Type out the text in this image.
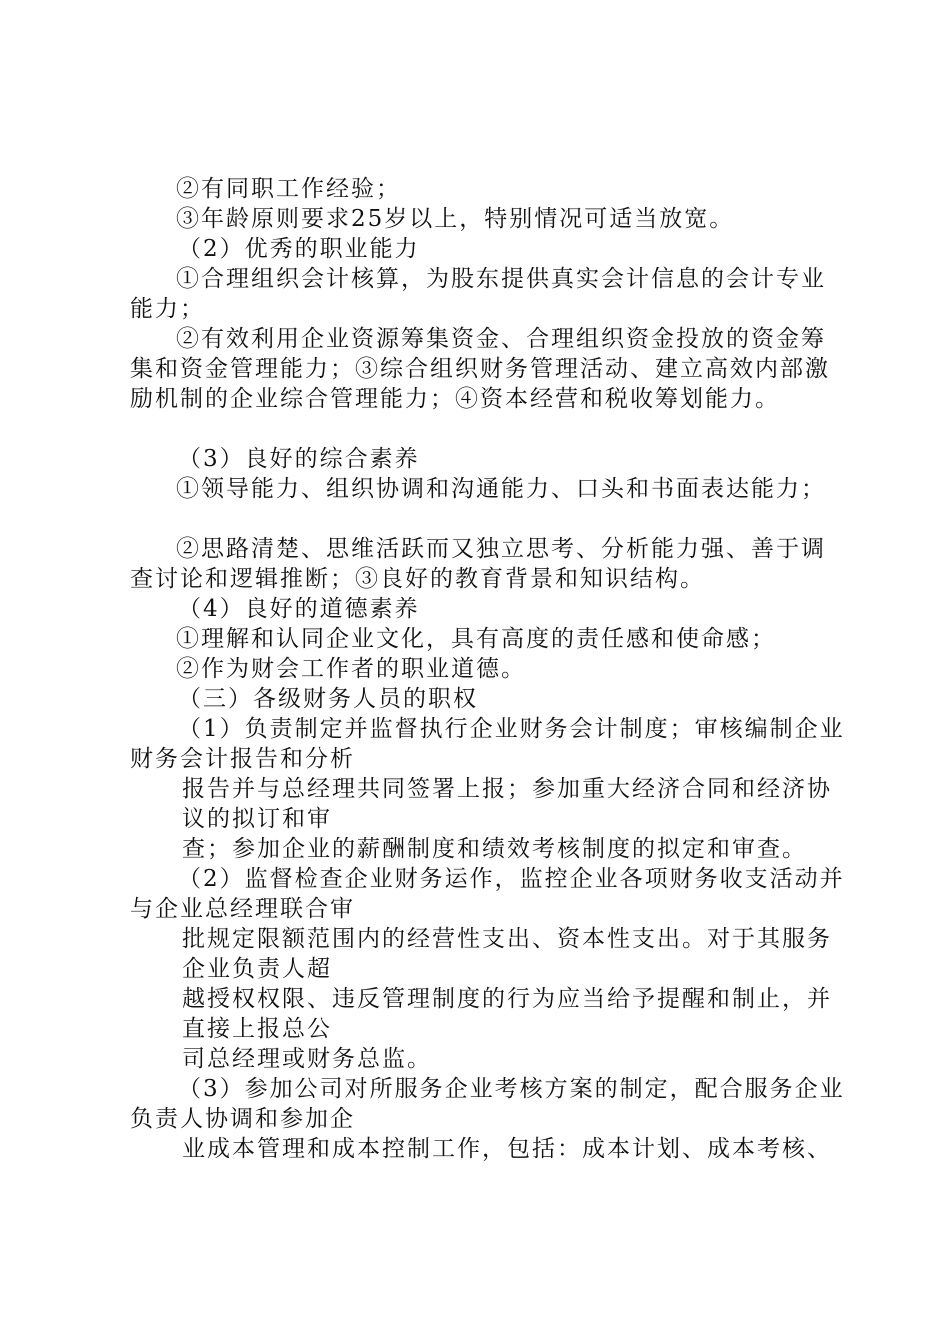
②有同职工作经验；

③年龄原则要求25岁以上，特别情况可适当放宽。

（2）优秀的职业能力

①合理组织会计核算，为股东提供真实会计信息的会计专业能力；

②有效利用企业资源筹集资金、合理组织资金投放的资金筹集和资金管理能力；③综合组织财务管理活动、建立高效内部激励机制的企业综合管理能力；④资本经营和税收筹划能力。

（3）良好的综合素养

①领导能力、组织协调和沟通能力、口头和书面表达能力；

②思路清楚、思维活跃而又独立思考、分析能力强、善于调查讨论和逻辑推断；③良好的教育背景和知识结构。

（4）良好的道德素养

①理解和认同企业文化，具有高度的责任感和使命感；

②作为财会工作者的职业道德。

（三）各级财务人员的职权

（1）负责制定并监督执行企业财务会计制度；审核编制企业财务会计报告和分析

报告并与总经理共同签署上报；参加重大经济合同和经济协议的拟订和审

查；参加企业的薪酬制度和绩效考核制度的拟定和审查。

（2）监督检查企业财务运作，监控企业各项财务收支活动并与企业总经理联合审

批规定限额范围内的经营性支出、资本性支出。对于其服务企业负责人超

越授权权限、违反管理制度的行为应当给予提醒和制止，并直接上报总公

司总经理或财务总监。

（3）参加公司对所服务企业考核方案的制定，配合服务企业负责人协调和参加企

业成本管理和成本控制工作，包括：成本计划、成本考核、
